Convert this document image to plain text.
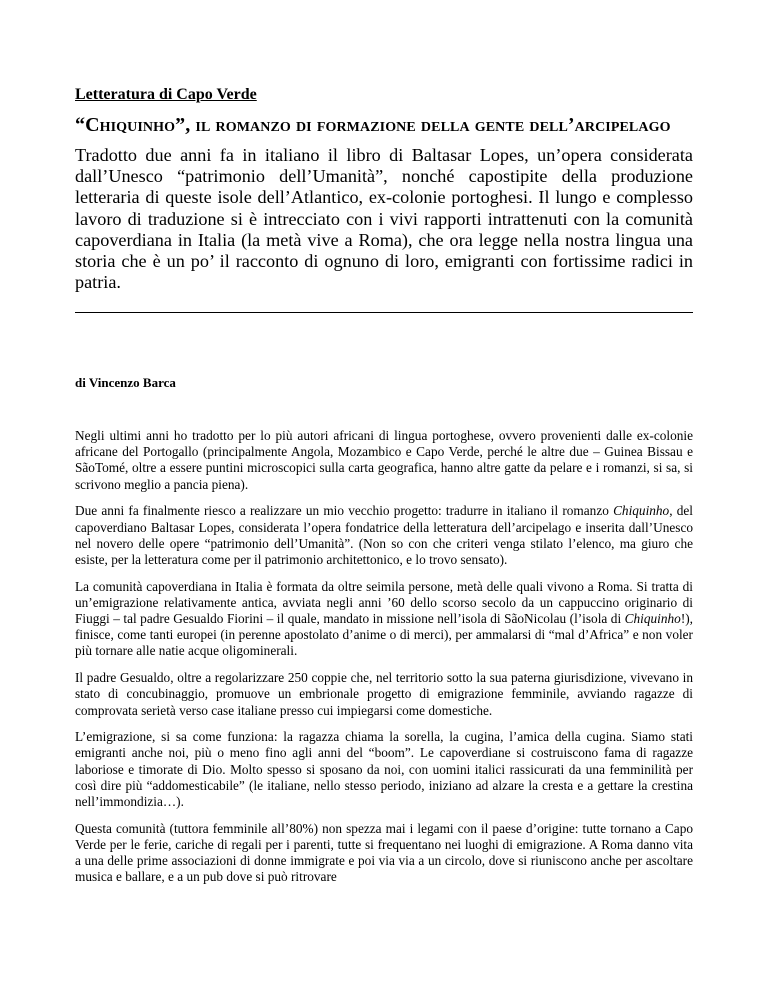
Letteratura di Capo Verde
“Chiquinho”, il romanzo di formazione della gente dell’arcipelago

Tradotto due anni fa in italiano il libro di Baltasar Lopes, un’opera considerata dall’Unesco “patrimonio dell’Umanità”, nonché capostipite della produzione letteraria di queste isole dell’Atlantico, ex-colonie portoghesi. Il lungo e complesso lavoro di traduzione si è intrecciato con i vivi rapporti intrattenuti con la comunità capoverdiana in Italia (la metà vive a Roma), che ora legge nella nostra lingua una storia che è un po’ il racconto di ognuno di loro, emigranti con fortissime radici in patria.

di Vincenzo Barca

Negli ultimi anni ho tradotto per lo più autori africani di lingua portoghese, ovvero provenienti dalle ex-colonie africane del Portogallo (principalmente Angola, Mozambico e Capo Verde, perché le altre due – Guinea Bissau e SãoTomé, oltre a essere puntini microscopici sulla carta geografica, hanno altre gatte da pelare e i romanzi, si sa, si scrivono meglio a pancia piena).

Due anni fa finalmente riesco a realizzare un mio vecchio progetto: tradurre in italiano il romanzo Chiquinho, del capoverdiano Baltasar Lopes, considerata l’opera fondatrice della letteratura dell’arcipelago e inserita dall’Unesco nel novero delle opere “patrimonio dell’Umanità”. (Non so con che criteri venga stilato l’elenco, ma giuro che esiste, per la letteratura come per il patrimonio architettonico, e lo trovo sensato).

La comunità capoverdiana in Italia è formata da oltre seimila persone, metà delle quali vivono a Roma. Si tratta di un’emigrazione relativamente antica, avviata negli anni ’60 dello scorso secolo da un cappuccino originario di Fiuggi – tal padre Gesualdo Fiorini – il quale, mandato in missione nell’isola di SãoNicolau (l’isola di Chiquinho!), finisce, come tanti europei (in perenne apostolato d’anime o di merci), per ammalarsi di “mal d’Africa” e non voler più tornare alle natie acque oligominerali.

Il padre Gesualdo, oltre a regolarizzare 250 coppie che, nel territorio sotto la sua paterna giurisdizione, vivevano in stato di concubinaggio, promuove un embrionale progetto di emigrazione femminile, avviando ragazze di comprovata serietà verso case italiane presso cui impiegarsi come domestiche.

L’emigrazione, si sa come funziona: la ragazza chiama la sorella, la cugina, l’amica della cugina. Siamo stati emigranti anche noi, più o meno fino agli anni del “boom”. Le capoverdiane si costruiscono fama di ragazze laboriose e timorate di Dio. Molto spesso si sposano da noi, con uomini italici rassicurati da una femminilità per così dire più “addomesticabile” (le italiane, nello stesso periodo, iniziano ad alzare la cresta e a gettare la crestina nell’immondizia…).

Questa comunità (tuttora femminile all’80%) non spezza mai i legami con il paese d’origine: tutte tornano a Capo Verde per le ferie, cariche di regali per i parenti, tutte si frequentano nei luoghi di emigrazione. A Roma danno vita a una delle prime associazioni di donne immigrate e poi via via a un circolo, dove si riuniscono anche per ascoltare musica e ballare, e a un pub dove si può ritrovare
